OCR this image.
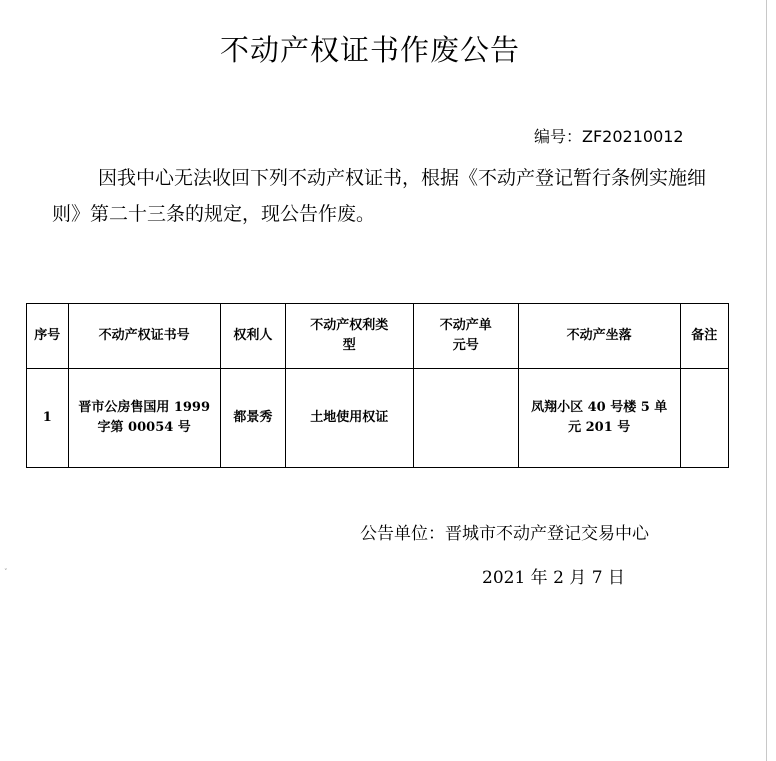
不动产权证书作废公告
编号：ZF20210012
因我中心无法收回下列不动产权证书，根据《不动产登记暂行条例实施细则》第二十三条的规定，现公告作废。
序号	不动产权证书号	权利人	不动产权利类型	不动产单元号	不动产坐落	备注
1	晋市公房售国用 1999 字第 00054 号	都景秀	土地使用权证		凤翔小区 40 号楼 5 单元 201 号	
公告单位：晋城市不动产登记交易中心
2021 年 2 月 7 日
˅
